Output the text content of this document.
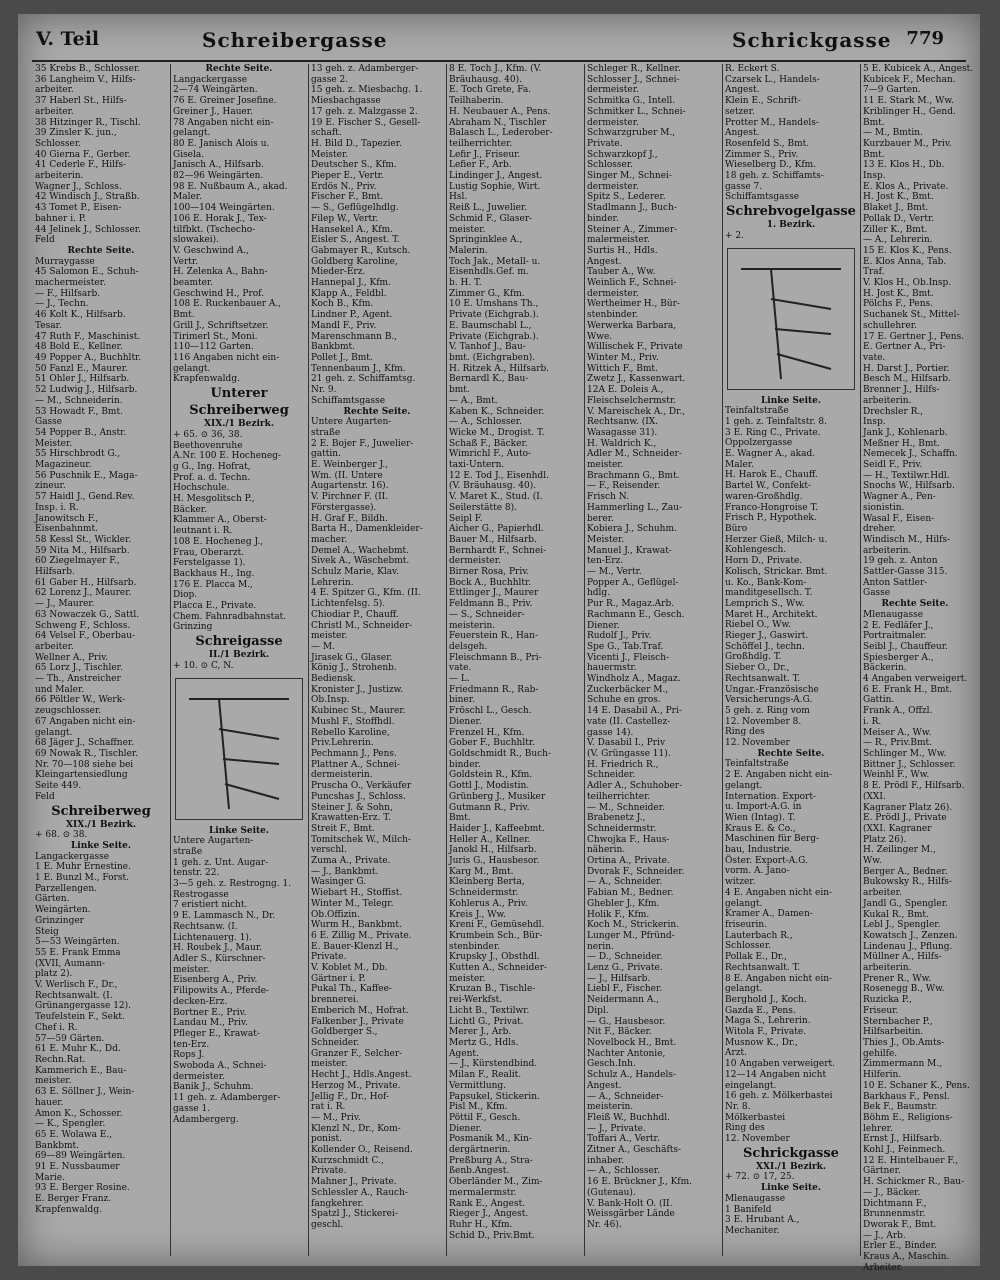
V. Teil	Schreibergasse	Schrickgasse 779
35 Krebs B., Schlosser.
36 Langheim V., Hilfs-
arbeiter.
37 Haberl St., Hilfs-
arbeiter.
38 Hitzinger R., Tischl.
39 Zinsler K. jun.,
Schlosser.
40 Gierna F., Gerber.
41 Cederle F., Hilfs-
arbeiterin.
Wagner J., Schloss.
42 Windisch J., Straßb.
43 Tomet P., Eisen-
bahner i. P.
44 Jelinek J., Schlosser.
Feld
Rechte Seite.
Murraygasse
45 Salomon E., Schuh-
machermeister.
— F., Hilfsarb.
— J., Techn.
46 Kolt K., Hilfsarb.
Tesar.
47 Ruth F., Maschinist.
48 Bold E., Kellner.
49 Popper A., Buchhltr.
50 Fanzl E., Maurer.
51 Ohler J., Hilfsarb.
52 Ludwig J., Hilfsarb.
— M., Schneiderin.
53 Howadt F., Bmt.
Gasse
54 Popper B., Anstr.
Meister.
55 Hirschbrodt G.,
Magazineur.
56 Puschnik E., Maga-
zineur.
57 Haidl J., Gend.Rev.
Insp. i. R.
Janowitsch F.,
Eisenbahnmt.
58 Kessl St., Wickler.
59 Nita M., Hilfsarb.
60 Ziegelmayer F.,
Hilfsarb.
61 Gaber H., Hilfsarb.
62 Lorenz J., Maurer.
— J., Maurer.
63 Nowaczek G., Sattl.
Schweng F., Schloss.
64 Velsel F., Oberbau-
arbeiter.
Wellner A., Priv.
65 Lorz J., Tischler.
— Th., Anstreicher
und Maler.
66 Pöltler W., Werk-
zeugschlosser.
67 Angaben nicht ein-
gelangt.
68 Jäger J., Schaffner.
69 Nowak R., Tischler.
Nr. 70—108 siehe bei
Kleingartensiedlung
Seite 449.
Feld
Schreiberweg
XIX./1 Bezirk.
+ 68. ⊙ 38.
Linke Seite.
Langackergasse
1 E. Muhr Ernestine.
1 E. Bunzl M., Forst.
Parzellengen.
Gärten.
Weingärten.
Grinzinger
Steig
5—53 Weingärten.
55 E. Frank Emma
(XVII, Aumann-
platz 2).
V. Werlisch F., Dr.,
Rechtsanwalt. (I.
Grünangergasse 12).
Teufelstein F., Sekt.
Chef i. R.
57—59 Gärten.
61 E. Muhr K., Dd.
Rechn.Rat.
Kammerich E., Bau-
meister.
63 E. Söllner J., Wein-
hauer.
Amon K., Schosser.
— K., Spengler.
65 E. Wolawa E.,
Bankbmt.
69—89 Weingärten.
91 E. Nussbaumer
Marie.
93 E. Berger Rosine.
E. Berger Franz.
Krapfenwaldg.
Rechte Seite.
Langackergasse
2—74 Weingärten.
76 E. Greiner Josefine.
Greiner J., Hauer.
78 Angaben nicht ein-
gelangt.
80 E. Janisch Alois u.
Gisela.
Janisch A., Hilfsarb.
82—96 Weingärten.
98 E. Nußbaum A., akad.
Maler.
100—104 Weingärten.
106 E. Horak J., Tex-
tilfbkt. (Tschecho-
slowakei).
V. Geschwind A.,
Vertr.
H. Zelenka A., Bahn-
beamter.
Geschwind H., Prof.
108 E. Ruckenbauer A.,
Bmt.
Grill J., Schriftsetzer.
Tirimerl St., Moni.
110—112 Garten.
116 Angaben nicht ein-
gelangt.
Krapfenwaldg.
Unterer
Schreiberweg
XIX./1 Bezirk.
+ 65. ⊙ 36, 38.
Beethovenruhe
A.Nr. 100 E. Hocheneg-
g G., Ing. Hofrat,
Prof. a. d. Techn.
Hochschule.
H. Mesgolitsch P.,
Bäcker.
Klammer A., Oberst-
leutnant i. R.
108 E. Hocheneg J.,
Frau, Oberarzt.
Ferstelgasse 1).
Backhaus H., Ing.
176 E. Placca M.,
Diop.
Placca E., Private.
Chem. Fahnradbahnstat.
Grinzing
Schreigasse
II./1 Bezirk.
+ 10. ⊙ C, N.
Linke Seite.
Untere Augarten-
straße
1 geh. z. Unt. Augar-
tenstr. 22.
3—5 geh. z. Restrogng. 1.
Restrogasse
7 eristiert nicht.
9 E. Lammasch N., Dr.
Rechtsanw. (I.
Lichtenauerg. 1).
H. Roubek J., Maur.
Adler S., Kürschner-
meister.
Eisenberg A., Priv.
Filipowits A., Pferde-
decken-Erz.
Bortner E., Priv.
Landau M., Priv.
Pfleger E., Krawat-
ten-Erz.
Rops J.
Swoboda A., Schnei-
dermeister.
Banik J., Schuhm.
11 geh. z. Adamberger-
gasse 1.
Adambergerg.
13 geh. z. Adamberger-
gasse 2.
15 geh. z. Miesbachg. 1.
Miesbachgasse
17 geh. z. Malzgasse 2.
19 E. Fischer S., Gesell-
schaft.
H. Bild D., Tapezier.
Meister.
Deutscher S., Kfm.
Pieper E., Vertr.
Erdös N., Priv.
Fischer F., Bmt.
— S., Geflügelhdlg.
Filep W., Vertr.
Hansekel A., Kfm.
Eisler S., Angest. T.
Gabmayer R., Kutsch.
Goldberg Karoline,
Mieder-Erz.
Hannepal J., Kfm.
Klapp A., Feldbl.
Koch B., Kfm.
Lindner P., Agent.
Mandl F., Priv.
Marenschmann B.,
Bankbmt.
Pollet J., Bmt.
Tennenbaum J., Kfm.
21 geh. z. Schiffamtsg.
Nr. 9.
Schiffamtsgasse
Rechte Seite.
Untere Augarten-
straße
2 E. Bojer F., Juwelier-
gattin.
E. Weinberger J.,
Wm. (II. Untere
Augartenstr. 16).
V. Pirchner F. (II.
Förstergasse).
H. Graf F., Bildh.
Barta H., Damenkleider-
macher.
Demel A., Wachebmt.
Sivek A., Wäschebmt.
Schulz Marie, Klav.
Lehrerin.
4 E. Spitzer G., Kfm. (II.
Lichtenfelsg. 5).
Chiodiar P., Chauff.
Christl M., Schneider-
meister.
— M.
Jirasek G., Glaser.
König J., Strohenb.
Bediensk.
Kronister J., Justizw.
Ob.Insp.
Kubinec St., Maurer.
Mushl F., Stoffhdl.
Rebello Karoline,
Priv.Lehrerin.
Pechmann J., Pens.
Plattner A., Schnei-
dermeisterin.
Pruscha O., Verkäufer
Puncshas J., Schloss.
Steiner J. & Sohn,
Krawatten-Erz. T.
Streit F., Bmt.
Tomitschek W., Milch-
verschl.
Zuma A., Private.
— J., Bankbmt.
Wasinger G.
Wiebart H., Stoffist.
Winter M., Telegr.
Ob.Offizin.
Wurm H., Bankbmt.
6 E. Zillig M., Private.
E. Bauer-Klenzl H.,
Private.
V. Koblet M., Db.
Gärtner i. P.
Pukal Th., Kaffee-
brennerei.
Emberich M., Hofrat.
Falkenber J., Private
Goldberger S.,
Schneider.
Granzer F., Selcher-
meister.
Hecht J., Hdls.Angest.
Herzog M., Private.
Jellig F., Dr., Hof-
rat i. R.
— M., Priv.
Klenzl N., Dr., Kom-
ponist.
Kollender O., Reisend.
Kurzschmidt C.,
Private.
Mahner J., Private.
Schlessler A., Rauch-
fangkehrer.
Spatzl J., Stickerei-
geschl.
8 E. Toch J., Kfm. (V.
Bräuhausg. 40).
E. Toch Grete, Fa.
Teilhaberin.
H. Neubauer A., Pens.
Abraham N., Tischler
Balasch L., Lederober-
teilherrichter.
Lefir J., Friseur.
Lefier F., Arb.
Lindinger J., Angest.
Lustig Sophie, Wirt.
Hsl.
Reiß L., Juwelier.
Schmid F., Glaser-
meister.
Springinklee A.,
Malerin.
Toch Jak., Metall- u.
Eisenhdls.Gef. m.
b. H. T.
Zimmer G., Kfm.
10 E. Umshans Th.,
Private (Eichgrab.).
E. Baumschabl L.,
Private (Eichgrab.).
V. Tanhof J., Bau-
bmt. (Eichgraben).
H. Ritzek A., Hilfsarb.
Bernardl K., Bau-
bmt.
— A., Bmt.
Kaben K., Schneider.
— A., Schlosser.
Wicke M., Drogist. T.
Schaß F., Bäcker.
Wimrichl F., Auto-
taxi-Untern.
12 E. Tod J., Eisenhdl.
(V. Bräuhausg. 40).
V. Maret K., Stud. (I.
Seilerstätte 8).
Seipl F.
Aicher G., Papierhdl.
Bauer M., Hilfsarb.
Bernhardt F., Schnei-
dermeister.
Birner Rosa, Priv.
Bock A., Buchhltr.
Ettlinger J., Maurer
Feldmann B., Priv.
— S., Schneider-
meisterin.
Feuerstein R., Han-
delsgeh.
Fleischmann B., Pri-
vate.
— L.
Friedmann R., Rab-
biner.
Fröschl L., Gesch.
Diener.
Frenzel H., Kfm.
Gober F., Buchhltr.
Goldschmidt R., Buch-
binder.
Goldstein R., Kfm.
Gottl J., Modistin.
Grünberg J., Musiker
Gutmann R., Priv.
Bmt.
Haider J., Kaffeebmt.
Heller A., Kellner.
Janokl H., Hilfsarb.
Juris G., Hausbesor.
Karg M., Bmt.
Kleinberg Berta,
Schneidermstr.
Kohlerus A., Priv.
Kreis J., Ww.
Kreni F., Gemüsehdl.
Krumbein Sch., Bür-
stenbinder.
Krupsky J., Obsthdl.
Kutten A., Schneider-
meister.
Kruzan B., Tischle-
rei-Werkfst.
Licht B., Textilwr.
Lichtl G., Privat.
Merer J., Arb.
Mertz G., Hdls.
Agent.
— J., Kürstendbind.
Milan F., Realit.
Vermittlung.
Papsukel, Stickerin.
Pisl M., Kfm.
Pöttil F., Gesch.
Diener.
Posmanik M., Kin-
dergärtnerin.
Preßburg A., Stra-
ßenb.Angest.
Oberländer M., Zim-
mermalermstr.
Rank E., Angest.
Rieger J., Angest.
Ruhr H., Kfm.
Schid D., Priv.Bmt.
Schleger R., Kellner.
Schlosser J., Schnei-
dermeister.
Schmitka G., Intell.
Schmitker L., Schnei-
dermeister.
Schwarzgruber M.,
Private.
Schwarzkopf J.,
Schlosser.
Singer M., Schnei-
dermeister.
Spitz S., Lederer.
Stadlmann J., Buch-
binder.
Steiner A., Zimmer-
malermeister.
Surtis H., Hdls.
Angest.
Tauber A., Ww.
Weinlich F., Schnei-
dermeister.
Wertheimer H., Bür-
stenbinder.
Werwerka Barbara,
Wwe.
Willischek F., Private
Winter M., Priv.
Wittich F., Bmt.
Zwetz J., Kassenwart.
12A E. Doleis A.,
Fleischselchermstr.
V. Mareischek A., Dr.,
Rechtsanw. (IX.
Wasagasse 31).
H. Waldrich K.,
Adler M., Schneider-
meister.
Brachmann G., Bmt.
— F., Reisender.
Frisch N.
Hammerling L., Zau-
berer.
Kobiera J., Schuhm.
Meister.
Manuel J., Krawat-
ten-Erz.
— M., Vertr.
Popper A., Geflügel-
hdlg.
Pur R., Magaz.Arb.
Rachmann E., Gesch.
Diener.
Rudolf J., Priv.
Spe G., Tab.Traf.
Vicenti J., Fleisch-
hauermstr.
Windholz A., Magaz.
Zuckerbäcker M.,
Schuhe en gros.
14 E. Dasabil A., Pri-
vate (II. Castellez-
gasse 14).
V. Dasabil I., Priv
(V. Grüngasse 11).
H. Friedrich R.,
Schneider.
Adler A., Schuhober-
teilherrichter.
— M., Schneider.
Brabenetz J.,
Schneidermstr.
Chwojka F., Haus-
näherin.
Ortina A., Private.
Dvorak F., Schneider.
— A., Schneider.
Fabian M., Bedner.
Ghebler J., Kfm.
Holik F., Kfm.
Koch M., Strickerin.
Lunger M., Pfründ-
nerin.
— D., Schneider.
Lenz G., Private.
— J., Hilfsarb.
Liebl F., Fischer.
Neidermann A.,
Dipl.
— G., Hausbesor.
Nit F., Bäcker.
Novelbock H., Bmt.
Nachter Antonie,
Gesch.Inh.
Schulz A., Handels-
Angest.
— A., Schneider-
meisterin.
Fleiß W., Buchhdl.
— J., Private.
Toffari A., Vertr.
Zitner A., Geschäfts-
inhaber.
— A., Schlosser.
16 E. Brückner J., Kfm.
(Gutenau).
V. Bank-Holt O. (II.
Weissgärber Lände
Nr. 46).
R. Eckert S.
Czarsek L., Handels-
Angest.
Klein E., Schrift-
setzer.
Protter M., Handels-
Angest.
Rosenfeld S., Bmt.
Zimmer S., Priv.
Wieselberg D., Kfm.
18 geh. z. Schiffamts-
gasse 7.
Schiffamtsgasse
Schrebvogelgasse
1. Bezirk.
+ 2.
Linke Seite.
Teinfaltstraße
1 geh. z. Teinfaltstr. 8.
3 E. Ring C., Private.
Oppolzergasse
E. Wagner A., akad.
Maler.
H. Harok E., Chauff.
Bartel W., Confekt-
waren-Großhdlg.
Franco-Hongroise T.
Frisch P., Hypothek.
Büro
Herzer Gieß, Milch- u.
Kohlengesch.
Horn D., Private.
Kolisch, Strickar. Bmt.
u. Ko., Bank-Kom-
manditgesellsch. T.
Lemprich S., Ww.
Maret H., Architekt.
Riebel O., Ww.
Rieger J., Gaswirt.
Schöffel J., techn.
Großhdlg. T.
Sieber O., Dr.,
Rechtsanwalt. T.
Ungar.-Französische
Versicherungs-A.G.
5 geh. z. Ring vom
12. November 8.
Ring des
12. November
Rechte Seite.
Teinfaltstraße
2 E. Angaben nicht ein-
gelangt.
Internation. Export-
u. Import-A.G. in
Wien (Intag). T.
Kraus E. & Co.,
Maschinen für Berg-
bau, Industrie.
Öster. Export-A.G.
vorm. A. Jano-
witzer.
4 E. Angaben nicht ein-
gelangt.
Kramer A., Damen-
friseurin.
Lauterbach R.,
Schlosser.
Pollak E., Dr.,
Rechtsanwalt. T.
8 E. Angaben nicht ein-
gelangt.
Berghold J., Koch.
Gazda E., Pens.
Maga S., Lehrerin.
Witola F., Private.
Musnow K., Dr.,
Arzt.
10 Angaben verweigert.
12—14 Angaben nicht
eingelangt.
16 geh. z. Mölkerbastei
Nr. 8.
Mölkerbastei
Ring des
12. November
Schrickgasse
XXI./1 Bezirk.
+ 72. ⊙ 17, 25.
Linke Seite.
Mlenaugasse
1 Banifeld
3 E. Hrubant A.,
Mechaniter.
5 E. Kubicek A., Angest.
Kubicek F., Mechan.
7—9 Garten.
11 E. Stark M., Ww.
Kriblinger H., Gend.
Bmt.
— M., Bmtin.
Kurzbauer M., Priv.
Bmt.
13 E. Klos H., Db.
Insp.
E. Klos A., Private.
H. Jost K., Bmt.
Blaket J., Bmt.
Pollak D., Vertr.
Ziller K., Bmt.
— A., Lehrerin.
15 E. Klos K., Pens.
E. Klos Anna, Tab.
Traf.
V. Klos H., Ob.Insp.
H. Jost K., Bmt.
Pölchs F., Pens.
Suchanek St., Mittel-
schullehrer.
17 E. Gertner J., Pens.
E. Gertner A., Pri-
vate.
H. Darst J., Portier.
Besch M., Hilfsarb.
Brenner J., Hilfs-
arbeiterin.
Drechsler R.,
Insp.
Jank J., Kohlenarb.
Meßner H., Bmt.
Nemecek J., Schaffn.
Seidl F., Priv.
— H., Textilwr.Hdl.
Snochs W., Hilfsarb.
Wagner A., Pen-
sionistin.
Wasal F., Eisen-
dreher.
Windisch M., Hilfs-
arbeiterin.
19 geh. z. Anton
Sattler-Gasse 315.
Anton Sattler-
Gasse
Rechte Seite.
Mlenaugasse
2 E. Fedläfer J.,
Portraitmaler.
Seibl J., Chauffeur.
Spiesberger A.,
Bäckerin.
4 Angaben verweigert.
6 E. Frank H., Bmt.
Gattin.
Frank A., Offzl.
i. R.
Meiser A., Ww.
— R., Priv.Bmt.
Schlinger M., Ww.
Bittner J., Schlosser.
Weinhl F., Ww.
8 E. Prödl F., Hilfsarb.
(XXI.
Kagraner Platz 26).
E. Prödl J., Private
(XXI. Kagraner
Platz 26).
H. Zeilinger M.,
Ww.
Berger A., Bedner.
Bukowsky R., Hilfs-
arbeiter.
Jandl G., Spengler.
Kukal R., Bmt.
Lebl J., Spengler.
Kowatsch J., Zenzen.
Lindenau J., Pflung.
Müllner A., Hilfs-
arbeiterin.
Prener R., Ww.
Rosenegg B., Ww.
Ruzicka P.,
Friseur.
Sternbacher P.,
Hilfsarbeitin.
Thies J., Ob.Amts-
gehilfe.
Zimmermann M.,
Hilferin.
10 E. Schaner K., Pens.
Barkhaus F., Pensl.
Bek F., Baumstr.
Böhm E., Religions-
lehrer.
Ernst J., Hilfsarb.
Kohl J., Feinmech.
12 E. Hintelbauer F.,
Gärtner.
H. Schickmer R., Bau-
— J., Bäcker.
Dichtmann F.,
Brunnenmstr.
Dworak F., Bmt.
— J., Arb.
Erler E., Binder.
Kraus A., Maschin.
Arbeiter.
